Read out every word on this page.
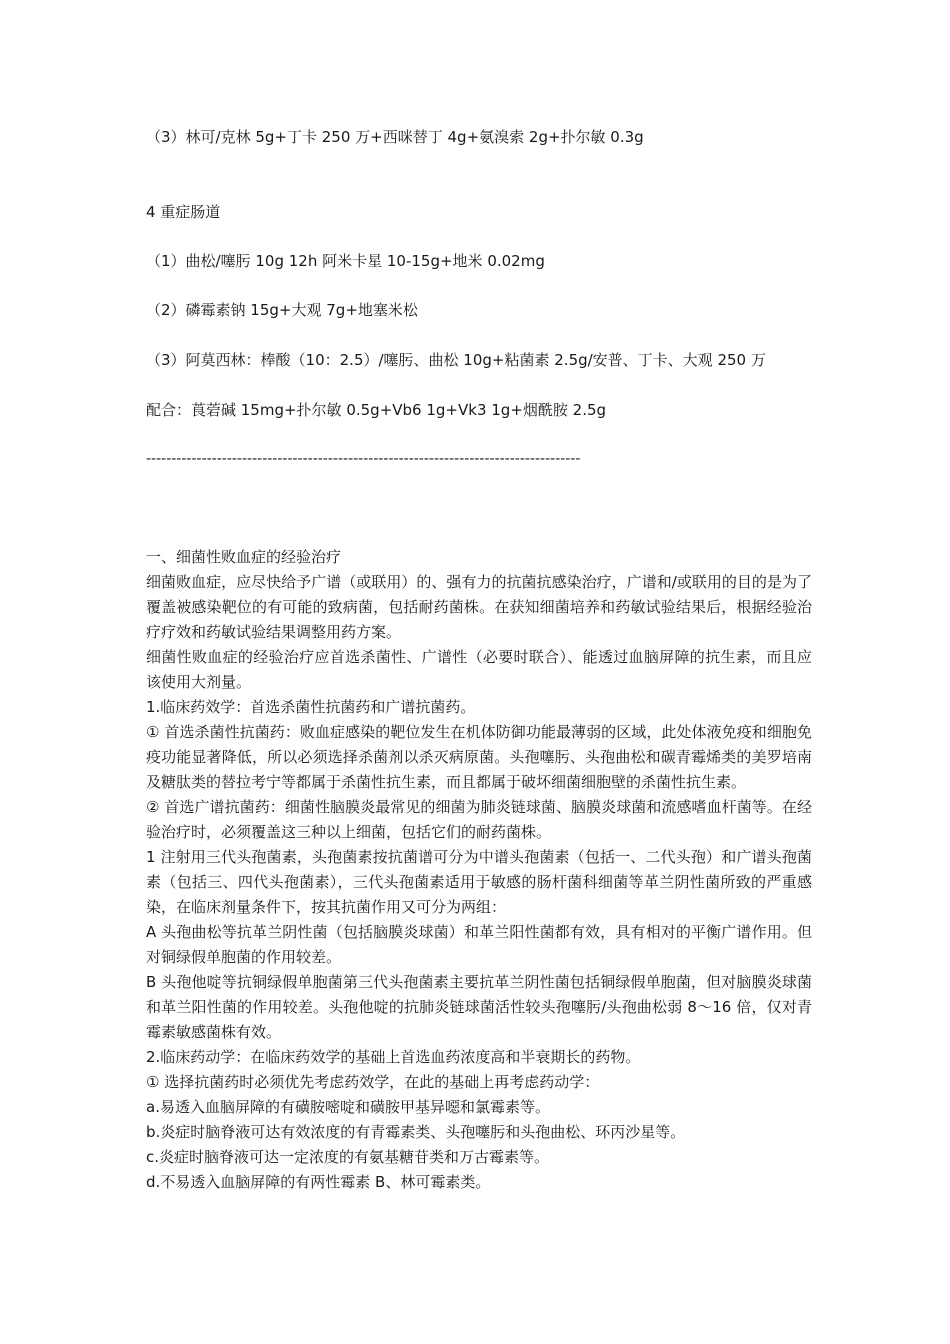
（3）林可/克林 5g+丁卡 250 万+西咪替丁 4g+氨溴索 2g+扑尔敏 0.3g

4 重症肠道

（1）曲松/噻肟 10g 12h 阿米卡星 10-15g+地米 0.02mg

（2）磷霉素钠 15g+大观 7g+地塞米松

（3）阿莫西林：棒酸（10：2.5）/噻肟、曲松 10g+粘菌素 2.5g/安普、丁卡、大观 250 万

配合：莨菪碱 15mg+扑尔敏 0.5g+Vb6 1g+Vk3 1g+烟酰胺 2.5g

--------------------------------------------------------------------------------------

一、细菌性败血症的经验治疗

细菌败血症，应尽快给予广谱（或联用）的、强有力的抗菌抗感染治疗，广谱和/或联用的目的是为了覆盖被感染靶位的有可能的致病菌，包括耐药菌株。在获知细菌培养和药敏试验结果后，根据经验治疗疗效和药敏试验结果调整用药方案。

细菌性败血症的经验治疗应首选杀菌性、广谱性（必要时联合）、能透过血脑屏障的抗生素，而且应该使用大剂量。

1.临床药效学：首选杀菌性抗菌药和广谱抗菌药。

① 首选杀菌性抗菌药：败血症感染的靶位发生在机体防御功能最薄弱的区域，此处体液免疫和细胞免疫功能显著降低，所以必须选择杀菌剂以杀灭病原菌。头孢噻肟、头孢曲松和碳青霉烯类的美罗培南及糖肽类的替拉考宁等都属于杀菌性抗生素，而且都属于破坏细菌细胞壁的杀菌性抗生素。

② 首选广谱抗菌药：细菌性脑膜炎最常见的细菌为肺炎链球菌、脑膜炎球菌和流感嗜血杆菌等。在经验治疗时，必须覆盖这三种以上细菌，包括它们的耐药菌株。

1 注射用三代头孢菌素，头孢菌素按抗菌谱可分为中谱头孢菌素（包括一、二代头孢）和广谱头孢菌素（包括三、四代头孢菌素），三代头孢菌素适用于敏感的肠杆菌科细菌等革兰阴性菌所致的严重感染，在临床剂量条件下，按其抗菌作用又可分为两组：

A 头孢曲松等抗革兰阴性菌（包括脑膜炎球菌）和革兰阳性菌都有效，具有相对的平衡广谱作用。但对铜绿假单胞菌的作用较差。

B 头孢他啶等抗铜绿假单胞菌第三代头孢菌素主要抗革兰阴性菌包括铜绿假单胞菌，但对脑膜炎球菌和革兰阳性菌的作用较差。头孢他啶的抗肺炎链球菌活性较头孢噻肟/头孢曲松弱 8～16 倍，仅对青霉素敏感菌株有效。

2.临床药动学：在临床药效学的基础上首选血药浓度高和半衰期长的药物。

① 选择抗菌药时必须优先考虑药效学，在此的基础上再考虑药动学：

a.易透入血脑屏障的有磺胺嘧啶和磺胺甲基异噁和氯霉素等。

b.炎症时脑脊液可达有效浓度的有青霉素类、头孢噻肟和头孢曲松、环丙沙星等。

c.炎症时脑脊液可达一定浓度的有氨基糖苷类和万古霉素等。

d.不易透入血脑屏障的有两性霉素 B、林可霉素类。
